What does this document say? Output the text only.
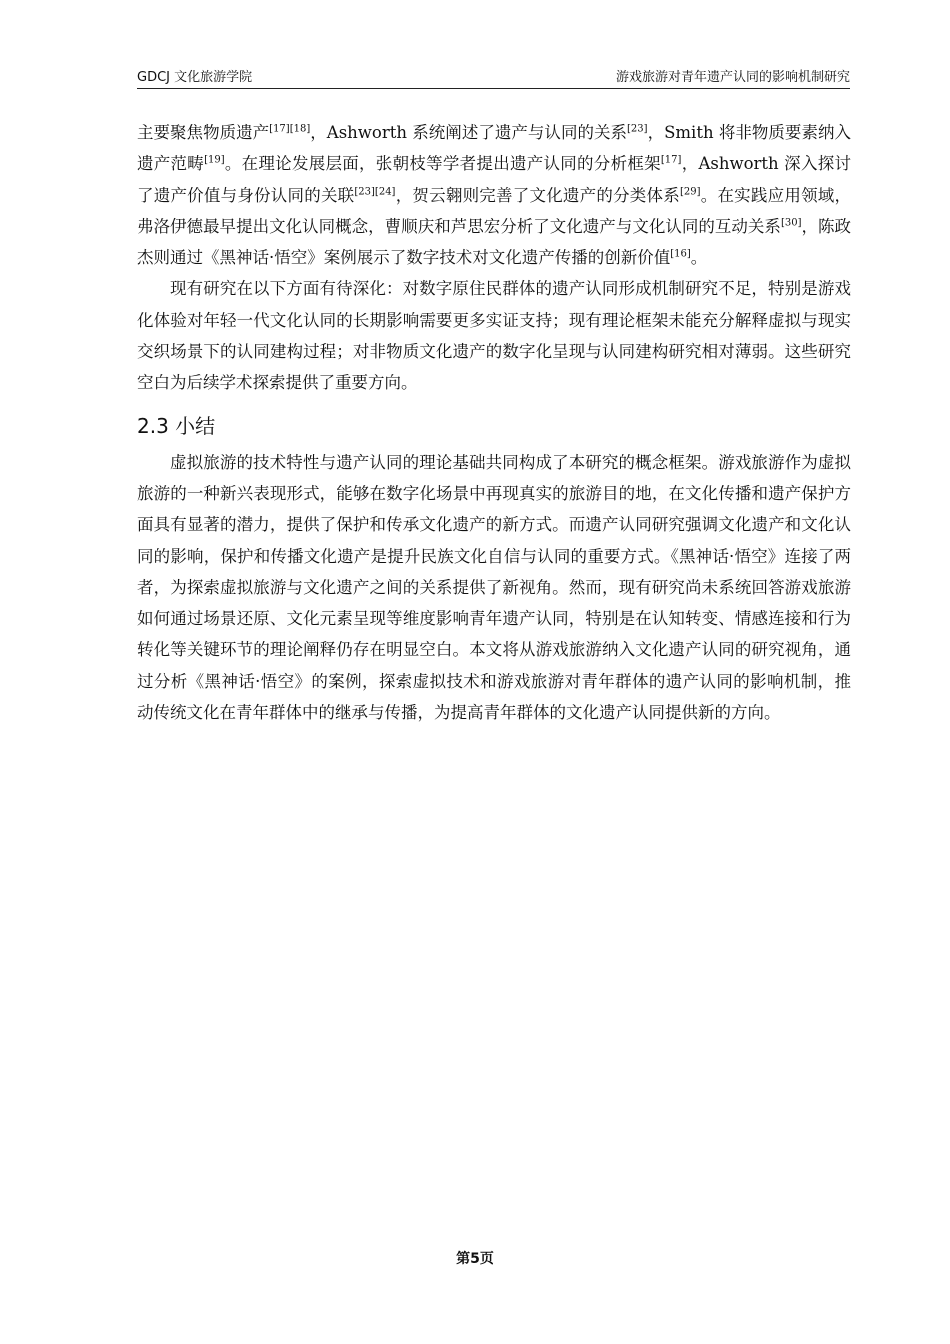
GDCJ 文化旅游学院	游戏旅游对青年遗产认同的影响机制研究

主要聚焦物质遗产[17][18]，Ashworth 系统阐述了遗产与认同的关系[23]，Smith 将非物质要素纳入遗产范畴[19]。在理论发展层面，张朝枝等学者提出遗产认同的分析框架[17]，Ashworth 深入探讨了遗产价值与身份认同的关联[23][24]，贺云翱则完善了文化遗产的分类体系[29]。在实践应用领域，弗洛伊德最早提出文化认同概念，曹顺庆和芦思宏分析了文化遗产与文化认同的互动关系[30]，陈政杰则通过《黑神话·悟空》案例展示了数字技术对文化遗产传播的创新价值[16]。

现有研究在以下方面有待深化：对数字原住民群体的遗产认同形成机制研究不足，特别是游戏化体验对年轻一代文化认同的长期影响需要更多实证支持；现有理论框架未能充分解释虚拟与现实交织场景下的认同建构过程；对非物质文化遗产的数字化呈现与认同建构研究相对薄弱。这些研究空白为后续学术探索提供了重要方向。

2.3 小结

虚拟旅游的技术特性与遗产认同的理论基础共同构成了本研究的概念框架。游戏旅游作为虚拟旅游的一种新兴表现形式，能够在数字化场景中再现真实的旅游目的地，在文化传播和遗产保护方面具有显著的潜力，提供了保护和传承文化遗产的新方式。而遗产认同研究强调文化遗产和文化认同的影响，保护和传播文化遗产是提升民族文化自信与认同的重要方式。《黑神话·悟空》连接了两者，为探索虚拟旅游与文化遗产之间的关系提供了新视角。然而，现有研究尚未系统回答游戏旅游如何通过场景还原、文化元素呈现等维度影响青年遗产认同，特别是在认知转变、情感连接和行为转化等关键环节的理论阐释仍存在明显空白。本文将从游戏旅游纳入文化遗产认同的研究视角，通过分析《黑神话·悟空》的案例，探索虚拟技术和游戏旅游对青年群体的遗产认同的影响机制，推动传统文化在青年群体中的继承与传播，为提高青年群体的文化遗产认同提供新的方向。

第5页
